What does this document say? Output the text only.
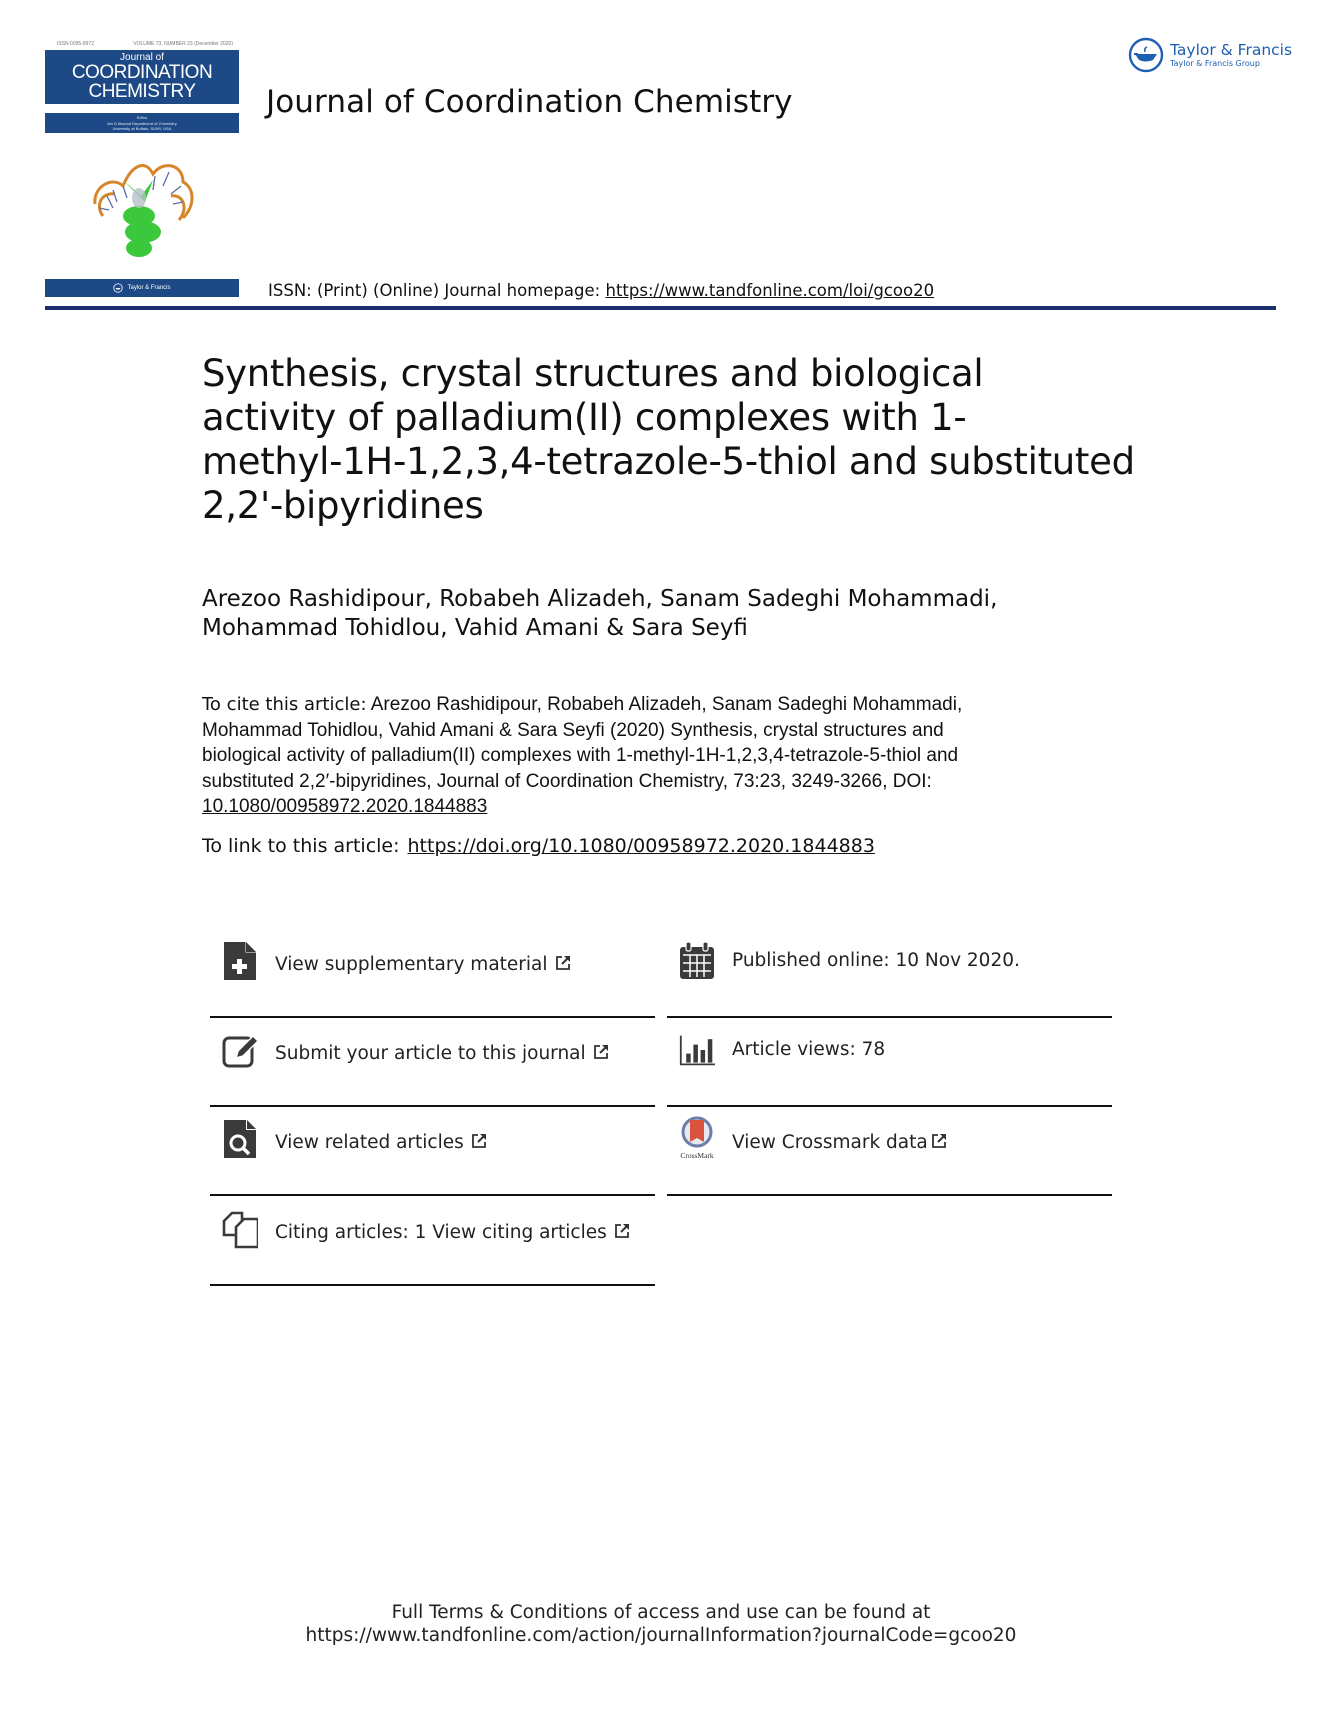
ISSN 0095-8972	VOLUME 73, NUMBER 23 (December 2020)
Journal of
COORDINATION
CHEMISTRY
Editor
Jim D Atwood Department of Chemistry,
University at Buffalo, SUNY, USA
Taylor & Francis
Journal of Coordination Chemistry
Taylor & Francis
Taylor & Francis Group
ISSN: (Print) (Online) Journal homepage: https://www.tandfonline.com/loi/gcoo20
Synthesis, crystal structures and biological
activity of palladium(II) complexes with 1-
methyl-1H-1,2,3,4-tetrazole-5-thiol and substituted
2,2'-bipyridines
Arezoo Rashidipour, Robabeh Alizadeh, Sanam Sadeghi Mohammadi,
Mohammad Tohidlou, Vahid Amani & Sara Seyfi
To cite this article: Arezoo Rashidipour, Robabeh Alizadeh, Sanam Sadeghi Mohammadi,
Mohammad Tohidlou, Vahid Amani & Sara Seyfi (2020) Synthesis, crystal structures and
biological activity of palladium(II) complexes with 1-methyl-1H-1,2,3,4-tetrazole-5-thiol and
substituted 2,2′-bipyridines, Journal of Coordination Chemistry, 73:23, 3249-3266, DOI:
10.1080/00958972.2020.1844883
To link to this article: https://doi.org/10.1080/00958972.2020.1844883
View supplementary material
Submit your article to this journal
View related articles
Citing articles: 1 View citing articles
Published online: 10 Nov 2020.
Article views: 78
CrossMark
View Crossmark data
Full Terms & Conditions of access and use can be found at
https://www.tandfonline.com/action/journalInformation?journalCode=gcoo20
